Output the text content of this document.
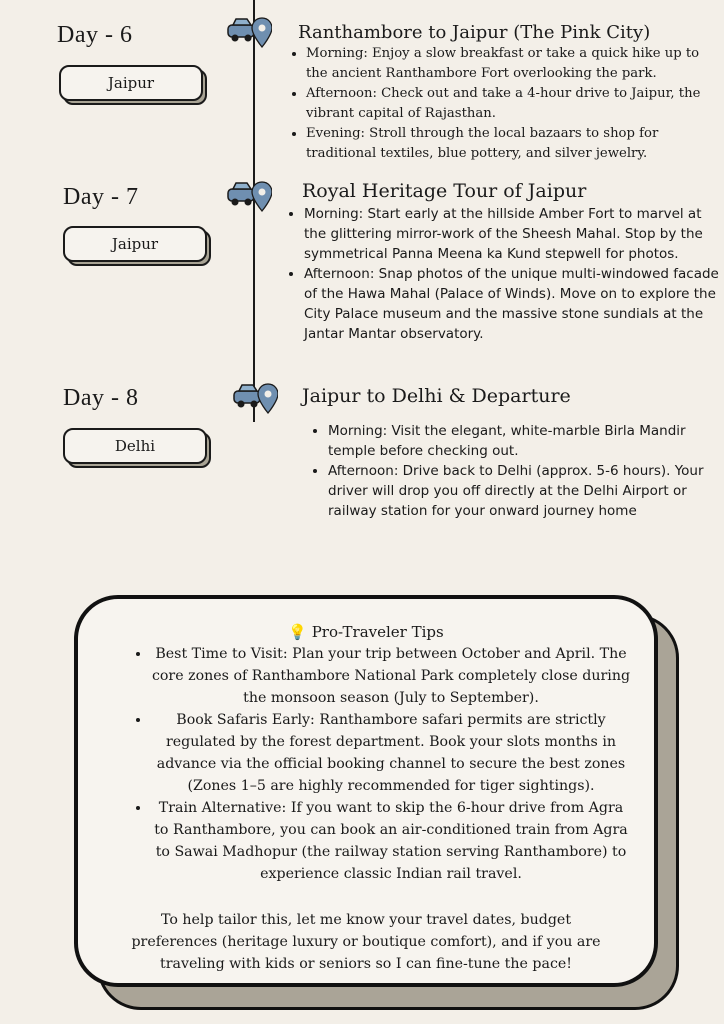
Day - 6
Jaipur
Ranthambore to Jaipur (The Pink City)
• Morning: Enjoy a slow breakfast or take a quick hike up to the ancient Ranthambore Fort overlooking the park.
• Afternoon: Check out and take a 4-hour drive to Jaipur, the vibrant capital of Rajasthan.
• Evening: Stroll through the local bazaars to shop for traditional textiles, blue pottery, and silver jewelry.
Day - 7
Jaipur
Royal Heritage Tour of Jaipur
• Morning: Start early at the hillside Amber Fort to marvel at the glittering mirror-work of the Sheesh Mahal. Stop by the symmetrical Panna Meena ka Kund stepwell for photos.
• Afternoon: Snap photos of the unique multi-windowed facade of the Hawa Mahal (Palace of Winds). Move on to explore the City Palace museum and the massive stone sundials at the Jantar Mantar observatory.
Day - 8
Delhi
Jaipur to Delhi & Departure
• Morning: Visit the elegant, white-marble Birla Mandir temple before checking out.
• Afternoon: Drive back to Delhi (approx. 5-6 hours). Your driver will drop you off directly at the Delhi Airport or railway station for your onward journey home
💡 Pro-Traveler Tips
• Best Time to Visit: Plan your trip between October and April. The core zones of Ranthambore National Park completely close during the monsoon season (July to September).
• Book Safaris Early: Ranthambore safari permits are strictly regulated by the forest department. Book your slots months in advance via the official booking channel to secure the best zones (Zones 1–5 are highly recommended for tiger sightings).
• Train Alternative: If you want to skip the 6-hour drive from Agra to Ranthambore, you can book an air-conditioned train from Agra to Sawai Madhopur (the railway station serving Ranthambore) to experience classic Indian rail travel.
To help tailor this, let me know your travel dates, budget preferences (heritage luxury or boutique comfort), and if you are traveling with kids or seniors so I can fine-tune the pace!
